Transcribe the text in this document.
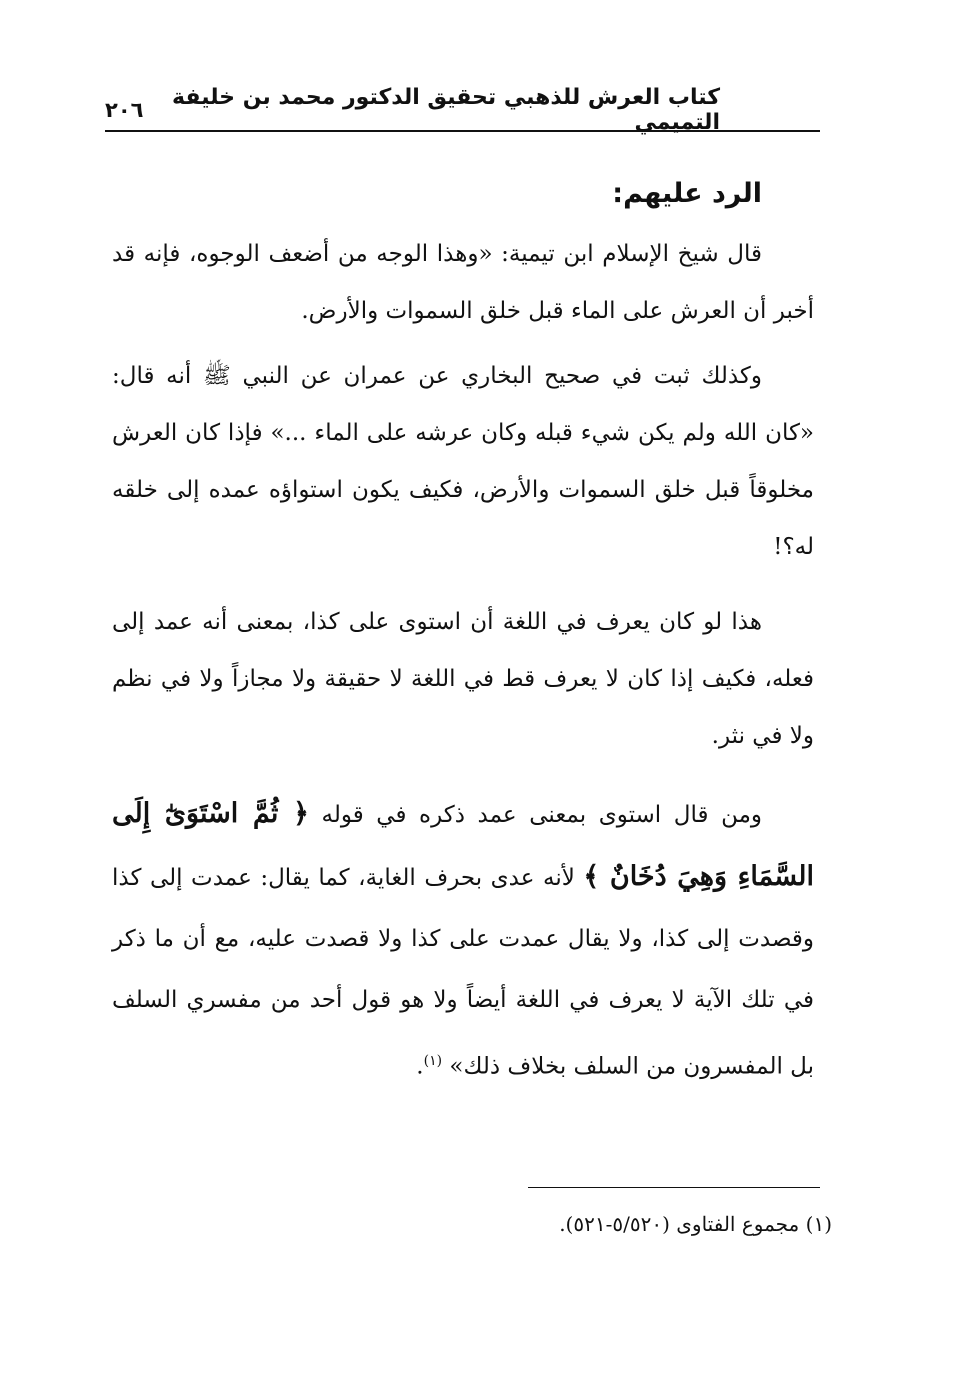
كتاب العرش للذهبي تحقيق الدكتور محمد بن خليفة التميمي
٢٠٦
الرد عليهم:

قال شيخ الإسلام ابن تيمية: «وهذا الوجه من أضعف الوجوه، فإنه قد أخبر أن العرش على الماء قبل خلق السموات والأرض.

وكذلك ثبت في صحيح البخاري عن عمران عن النبي ﷺ أنه قال: «كان الله ولم يكن شيء قبله وكان عرشه على الماء ...» فإذا كان العرش مخلوقاً قبل خلق السموات والأرض، فكيف يكون استواؤه عمده إلى خلقه له؟!

هذا لو كان يعرف في اللغة أن استوى على كذا، بمعنى أنه عمد إلى فعله، فكيف إذا كان لا يعرف قط في اللغة لا حقيقة ولا مجازاً ولا في نظم ولا في نثر.

ومن قال استوى بمعنى عمد ذكره في قوله ﴿ ثُمَّ اسْتَوَىٰٓ إِلَى السَّمَاءِ وَهِيَ دُخَانٌ ﴾ لأنه عدى بحرف الغاية، كما يقال: عمدت إلى كذا وقصدت إلى كذا، ولا يقال عمدت على كذا ولا قصدت عليه، مع أن ما ذكر في تلك الآية لا يعرف في اللغة أيضاً ولا هو قول أحد من مفسري السلف بل المفسرون من السلف بخلاف ذلك» $^{(١)}$.

(١) مجموع الفتاوى (٥/٥٢٠-٥٢١).
